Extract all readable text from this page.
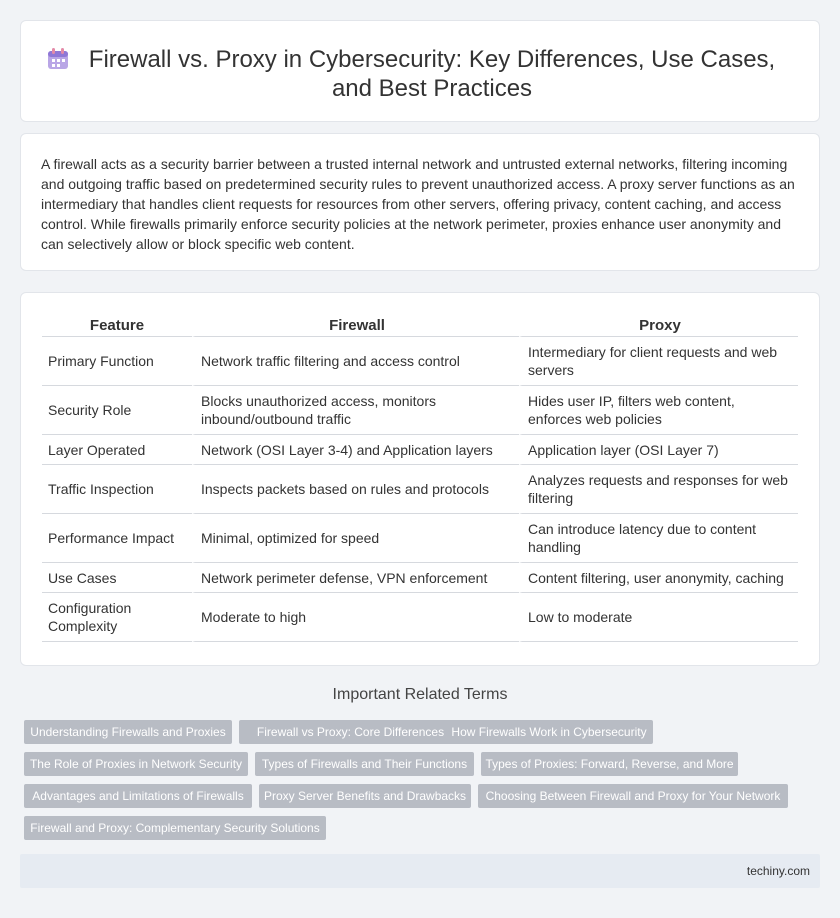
Firewall vs. Proxy in Cybersecurity: Key Differences, Use Cases, and Best Practices

A firewall acts as a security barrier between a trusted internal network and untrusted external networks, filtering incoming and outgoing traffic based on predetermined security rules to prevent unauthorized access. A proxy server functions as an intermediary that handles client requests for resources from other servers, offering privacy, content caching, and access control. While firewalls primarily enforce security policies at the network perimeter, proxies enhance user anonymity and can selectively allow or block specific web content.

Feature	Firewall	Proxy
Primary Function	Network traffic filtering and access control	Intermediary for client requests and web servers
Security Role	Blocks unauthorized access, monitors inbound/outbound traffic	Hides user IP, filters web content, enforces web policies
Layer Operated	Network (OSI Layer 3-4) and Application layers	Application layer (OSI Layer 7)
Traffic Inspection	Inspects packets based on rules and protocols	Analyzes requests and responses for web filtering
Performance Impact	Minimal, optimized for speed	Can introduce latency due to content handling
Use Cases	Network perimeter defense, VPN enforcement	Content filtering, user anonymity, caching
Configuration Complexity	Moderate to high	Low to moderate
Important Related Terms
Understanding Firewalls and Proxies	Firewall vs Proxy: Core Differences How Firewalls Work in Cybersecurity
The Role of Proxies in Network Security	Types of Firewalls and Their Functions	Types of Proxies: Forward, Reverse, and More
Advantages and Limitations of Firewalls	Proxy Server Benefits and Drawbacks	Choosing Between Firewall and Proxy for Your Network
Firewall and Proxy: Complementary Security Solutions
techiny.com
